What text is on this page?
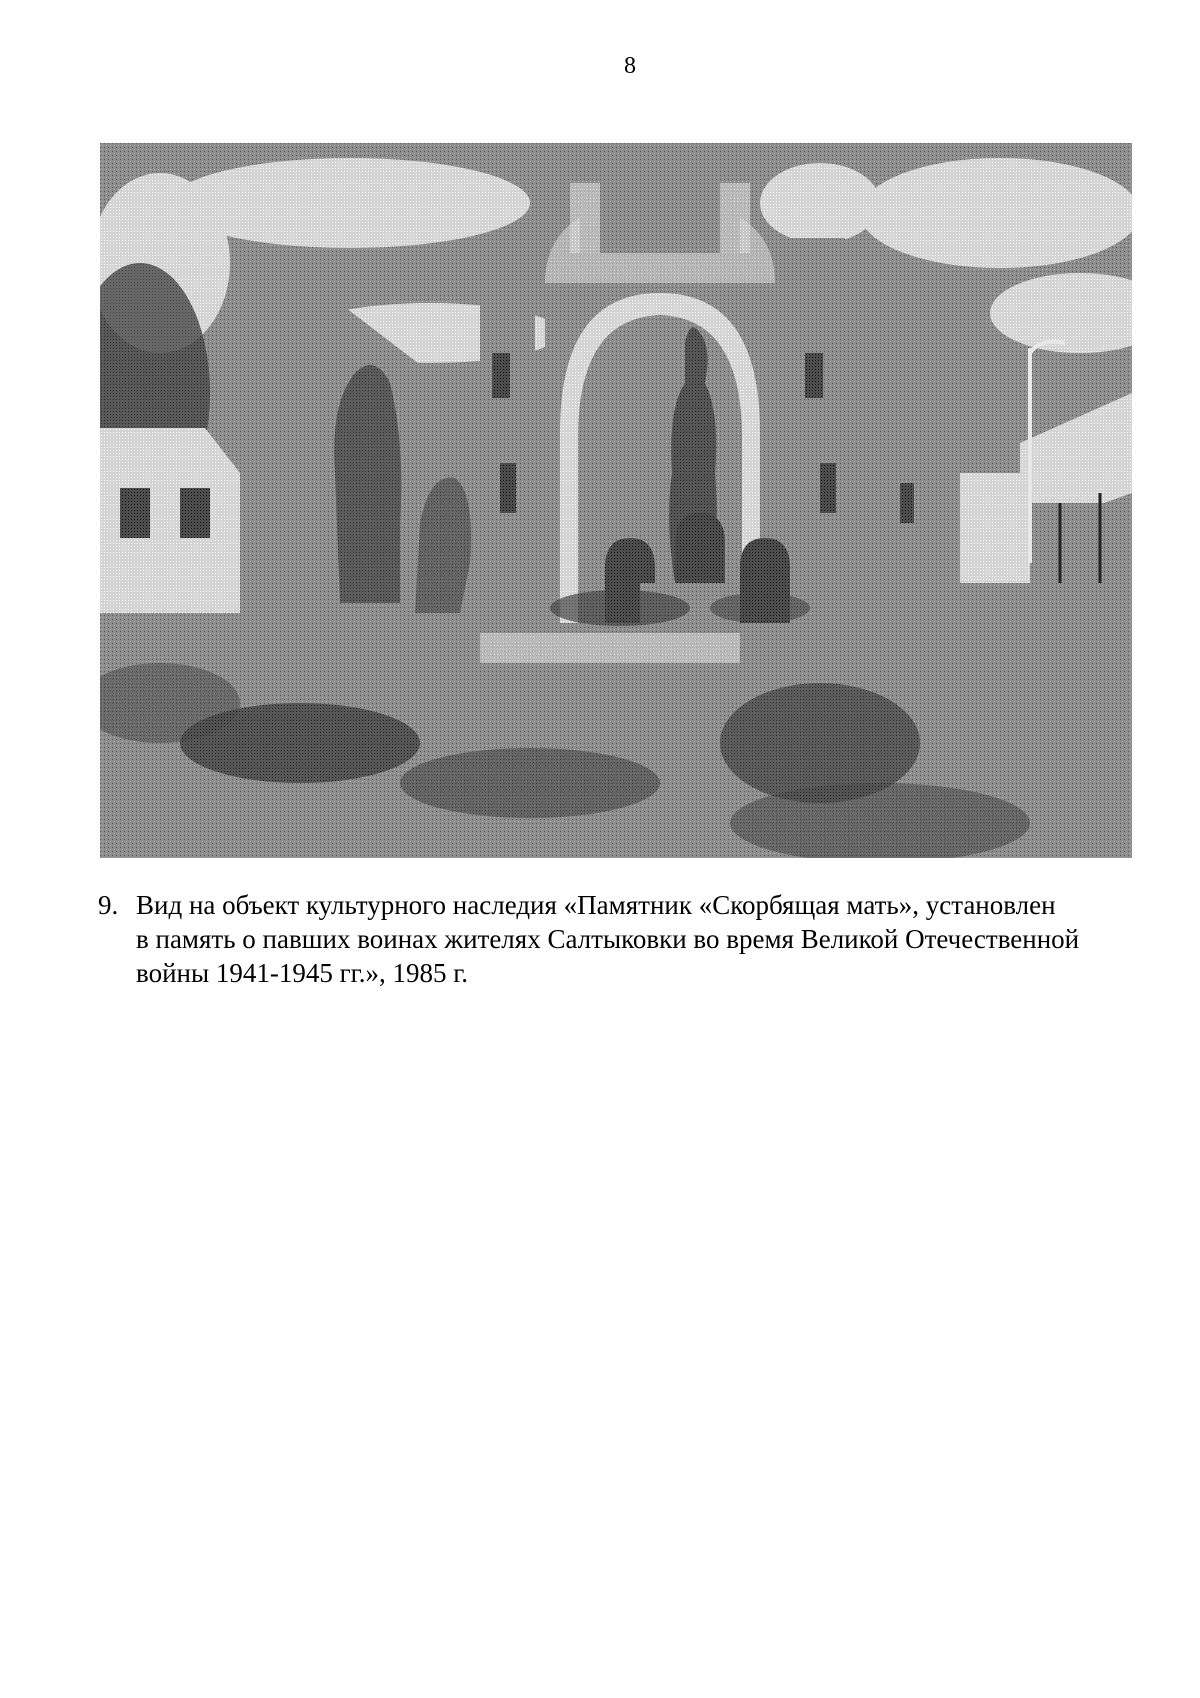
8
9. Вид на объект культурного наследия «Памятник «Скорбящая мать», установлен
в память о павших воинах жителях Салтыковки во время Великой Отечественной
войны 1941-1945 гг.», 1985 г.
